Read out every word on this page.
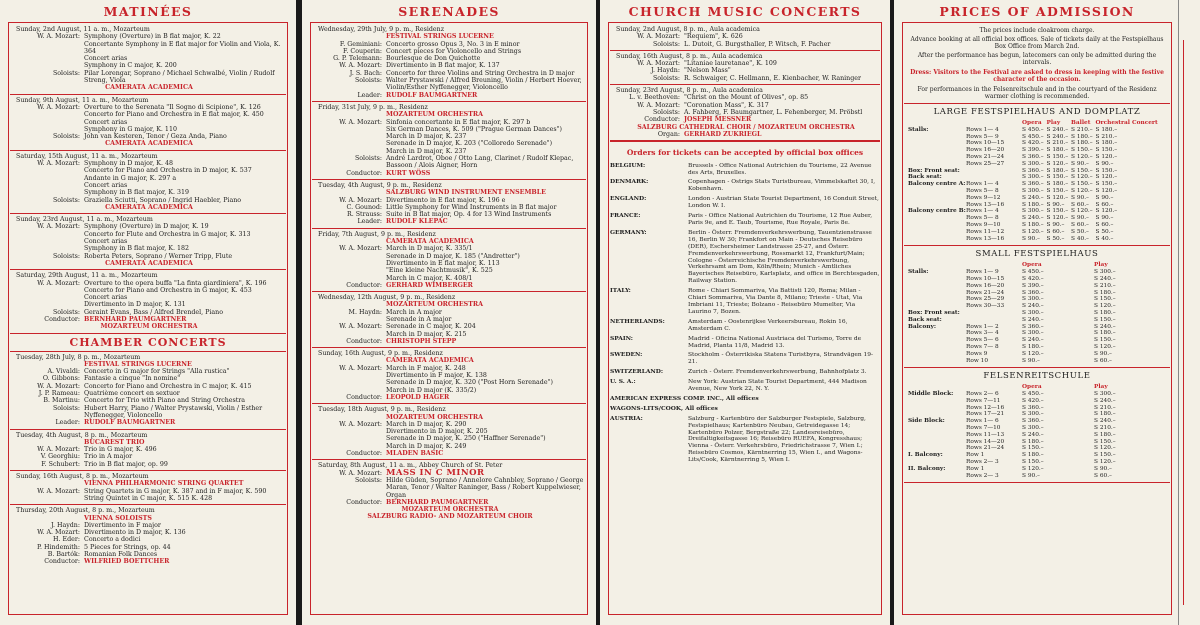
MATINÉES
Sunday, 2nd August, 11 a. m., Mozarteum
W. A. Mozart: Symphony (Overture) in B flat major, K. 22
Concertante Symphony in E flat major for Violin and Viola, K. 364
Concert arias
Symphony in C major, K. 200
Soloists: Pilar Lorengar, Soprano / Michael Schwalbé, Violin / Rudolf Streng, Viola
CAMERATA ACADEMICA
Sunday, 9th August, 11 a. m., Mozarteum
W. A. Mozart: Overture to the Serenata "Il Sogno di Scipione", K. 126
Concerto for Piano and Orchestra in E flat major, K. 450
Concert arias
Symphony in G major, K. 110
Soloists: John van Kesteren, Tenor / Geza Anda, Piano
CAMERATA ACADEMICA
Saturday, 15th August, 11 a. m., Mozarteum
W. A. Mozart: Symphony in D major, K. 48
Concerto for Piano and Orchestra in D major, K. 537
Andante in G major, K. 297 a
Concert arias
Symphony in B flat major, K. 319
Soloists: Graziella Sciutti, Soprano / Ingrid Haebler, Piano
CAMERATA ACADEMICA
Sunday, 23rd August, 11 a. m., Mozarteum
W. A. Mozart: Symphony (Overture) in D major, K. 19
Concerto for Flute and Orchestra in G major, K. 313
Concert arias
Symphony in B flat major, K. 182
Soloists: Roberta Peters, Soprano / Werner Tripp, Flute
CAMERATA ACADEMICA
Saturday, 29th August, 11 a. m., Mozarteum
W. A. Mozart: Overture to the opera buffa "La finta giardiniera", K. 196
Concerto for Piano and Orchestra in G major, K. 453
Concert arias
Divertimento in D major, K. 131
Soloists: Geraint Evans, Bass / Alfred Brendel, Piano
Conductor: BERNHARD PAUMGARTNER
MOZARTEUM ORCHESTRA
CHAMBER CONCERTS
Tuesday, 28th July, 8 p. m., Mozarteum
FESTIVAL STRINGS LUCERNE
A. Vivaldi: Concerto in G major for Strings "Alla rustica"
O. Gibbons: Fantasie a cinque "In nomine"
W. A. Mozart: Concerto for Piano and Orchestra in C major, K. 415
J. P. Rameau: Quatrième concert en sextuor
B. Martinu: Concerto for Trio with Piano and String Orchestra
Soloists: Hubert Harry, Piano / Walter Prystawski, Violin / Esther Nyffenegger, Violoncello
Leader: RUDOLF BAUMGARTNER
Tuesday, 4th August, 8 p. m., Mozarteum
BUCAREST TRIO
W. A. Mozart: Trio in G major, K. 496
V. Georghiu: Trio in A major
F. Schubert: Trio in B flat major, op. 99
Sunday, 16th August, 8 p. m., Mozarteum
VIENNA PHILHARMONIC STRING QUARTET
W. A. Mozart: String Quartets in G major, K. 387 and in F major, K. 590
String Quintet in C major, K. 515 K. 428
Thursday, 20th August, 8 p. m., Mozarteum
VIENNA SOLOISTS
J. Haydn: Divertimento in F major
W. A. Mozart: Divertimento in D major, K. 136
H. Eder: Concerto a dodici
P. Hindemith: 5 Pieces for Strings, op. 44
B. Bartók: Romanian Folk Dances
Conductor: WILFRIED BOETTCHER
SERENADES
Wednesday, 29th July, 9 p. m., Residenz
FESTIVAL STRINGS LUCERNE
F. Geminiani: Concerto grosso Opus 3, No. 3 in E minor
F. Couperin: Concert pieces for Violoncello and Strings
G. P. Telemann: Bourlesque de Don Quichotte
W. A. Mozart: Divertimento in B flat major, K. 137
J. S. Bach: Concerto for three Violins and String Orchestra in D major
Soloists: Walter Prystawski / Alfred Breuning, Violin / Herbert Hoever, Violin/Esther Nyffenegger, Violoncello
Leader: RUDOLF BAUMGARTNER
Friday, 31st July, 9 p. m., Residenz
MOZARTEUM ORCHESTRA
W. A. Mozart: Sinfonia concertante in E flat major, K. 297 b
Six German Dances, K. 509 ("Prague German Dances")
March in D major, K. 237
Serenade in D major, K. 203 ("Colloredo Serenade")
March in D major, K. 237
Soloists: André Lardrot, Oboe / Otto Lang, Clarinet / Rudolf Klepac, Bassoon / Alois Aigner, Horn
Conductor: KURT WÖSS
Tuesday, 4th August, 9 p. m., Residenz
SALZBURG WIND INSTRUMENT ENSEMBLE
W. A. Mozart: Divertimento in E flat major, K. 196 e
C. Gounod: Little Symphony for Wind Instruments in B flat major
R. Strauss: Suite in B flat major, Op. 4 for 13 Wind Instruments
Leader: RUDOLF KLEPAC
Friday, 7th August, 9 p. m., Residenz
CAMERATA ACADEMICA
W. A. Mozart: March in D major, K. 335/1
Serenade in D major, K. 185 ("Andretter")
Divertimento in E flat major, K. 113
"Eine kleine Nachtmusik", K. 525
March in C major, K. 408/1
Conductor: GERHARD WIMBERGER
Wednesday, 12th August, 9 p. m., Residenz
MOZARTEUM ORCHESTRA
M. Haydn: March in A major
Serenade in A major
W. A. Mozart: Serenade in C major, K. 204
March in D major, K. 215
Conductor: CHRISTOPH STEPP
Sunday, 16th August, 9 p. m., Residenz
CAMERATA ACADEMICA
W. A. Mozart: March in F major, K. 248
Divertimento in F major, K. 138
Serenade in D major, K. 320 ("Post Horn Serenade")
March in D major (K. 335/2)
Conductor: LEOPOLD HAGER
Tuesday, 18th August, 9 p. m., Residenz
MOZARTEUM ORCHESTRA
W. A. Mozart: March in D major, K. 290
Divertimento in D major, K. 205
Serenade in D major, K. 250 ("Haffner Serenade")
March in D major, K. 249
Conductor: MLADEN BASIC
Saturday, 8th August, 11 a. m., Abbey Church of St. Peter
W. A. Mozart: MASS IN C MINOR
Soloists: Hilde Güden, Soprano / Annelore Cahnbley, Soprano / George Maran, Tenor / Walter Raninger, Bass / Robert Kuppelwieser, Organ
Conductor: BERNHARD PAUMGARTNER
MOZARTEUM ORCHESTRA
SALZBURG RADIO- AND MOZARTEUM CHOIR
CHURCH MUSIC CONCERTS
Sunday, 2nd August, 8 p. m., Aula academica
W. A. Mozart: "Requiem", K. 626
Soloists: L. Dutoit, G. Burgsthaller, P. Witsch, F. Pacher
Sunday, 16th August, 8 p. m., Aula academica
W. A. Mozart: "Litaniae lauretanae", K. 109
J. Haydn: "Nelson Mass"
Soloists: R. Schwaiger, C. Hellmann, E. Kienbacher, W. Raninger
Sunday, 23rd August, 8 p. m., Aula academica
L. v. Beethoven: "Christ on the Mount of Olives", op. 85
W. A. Mozart: "Coronation Mass", K. 317
Soloists: A. Fahberg, F. Baumgartner, L. Fehenberger, M. Pröbstl
Conductor: JOSEPH MESSNER
SALZBURG CATHEDRAL CHOIR / MOZARTEUM ORCHESTRA
Organ: GERHARD ZUKRIEGL
Orders for tickets can be accepted by official box offices
BELGIUM:	Brussels - Office National Autrichien du Tourisme, 22 Avenue des Arts, Bruxelles.
DENMARK:	Copenhagen - Ostrigs Stats Turistbureau, Vimmelskaftet 30, I, Kobenhavn.
ENGLAND:	London - Austrian State Tourist Department, 16 Conduit Street, London W. I.
FRANCE:	Paris - Office National Autrichien du Tourisme, 12 Rue Auber, Paris 9e, and E. Taub, Tourisme, Rue Royale, Paris 8e.
GERMANY:	Berlin - Österr. Fremdenverkehrswerbung, Tauentzienstrasse 16, Berlin W 30; Frankfort on Main - Deutsches Reisebüro (DER), Eschersheimer Landstrasse 25-27, and Österr. Fremdenverkehrswerbung, Rossmarkt 12, Frankfurt/Main; Cologne - Österreichische Fremdenverkehrswerbung, Verkehrsamt am Dom, Köln/Rhein; Munich - Amtliches Bayerisches Reisebüro, Karlsplatz, and office in Berchtesgaden, Railway Station.
ITALY:	Rome - Chiari Sommariva, Via Battisti 120, Roma; Milan - Chiari Sommariva, Via Dante 8, Milano; Trieste - Utat, Via Imbriani 11, Trieste; Bolzano - Reisebüro Mumelter, Via Laurino 7, Bozen.
NETHERLANDS:	Amsterdam - Oostenrijkse Verkeersbureau, Rokin 16, Amsterdam C.
SPAIN:	Madrid - Oficina National Austriaca del Turismo, Torre de Madrid, Planta 11/8, Madrid 13.
SWEDEN:	Stockholm - Österrikiska Statens Turistbyra, Strandvägen 19-21.
SWITZERLAND:	Zurich - Österr. Fremdenverkehrswerbung, Bahnhofplatz 3.
U. S. A.:	New York: Austrian State Tourist Department, 444 Madison Avenue, New York 22, N. Y.
AMERICAN EXPRESS COMP. INC., All offices
WAGONS-LITS/COOK, All offices
AUSTRIA:	Salzburg - Kartenbüro der Salzburger Festspiele, Salzburg, Festspielhaus; Kartenbüro Neubau, Getreidegasse 14; Kartenbüro Polzer, Bergstraße 22; Landesreisebüro, Dreifaltigkeitsgasse 16; Reisebüro RUEFA, Kongresshaus; Vienna - Österr. Verkehrsbüro, Friedrichstrasse 7, Wien I.; Reisebüro Cosmos, Kärntnerring 15, Wien I., and Wagons-Lits/Cook, Kärntnerring 5, Wien I.
PRICES OF ADMISSION
The prices include cloakroom charge.
Advance booking at all official box offices. Sale of tickets daily at the Festspielhaus Box Office from March 2nd.
After the performance has begun, latecomers can only be admitted during the intervals.
Dress: Visitors to the Festival are asked to dress in keeping with the festive character of the occasion.
For performances in the Felsenreitschule and in the courtyard of the Residenz warmer clothing is recommended.
LARGE FESTSPIELHAUS AND DOMPLATZ
		Opera	Play	Ballet	Orchestral Concert
Stalls:	Rows 1— 4	S 450.–	S 240.–	S 210.–	S 180.–
	Rows 5— 9	S 450.–	S 240.–	S 180.–	S 210.–
	Rows 10—15	S 420.–	S 210.–	S 180.–	S 180.–
	Rows 16—20	S 390.–	S 180.–	S 150.–	S 150.–
	Rows 21—24	S 360.–	S 150.–	S 120.–	S 120.–
	Rows 25—27	S 300.–	S 120.–	S 90.–	S 90.–
Box: Front seat:		S 360.–	S 180.–	S 150.–	S 150.–
Back seat:		S 300.–	S 150.–	S 120.–	S 120.–
Balcony centre A:	Rows 1— 4	S 360.–	S 180.–	S 150.–	S 150.–
	Rows 5— 8	S 300.–	S 150.–	S 120.–	S 120.–
	Rows 9—12	S 240.–	S 120.–	S 90.–	S 90.–
	Rows 13—16	S 180.–	S 90.–	S 60.–	S 60.–
Balcony centre B:	Rows 1— 4	S 300.–	S 150.–	S 120.–	S 120.–
	Rows 5— 8	S 240.–	S 120.–	S 90.–	S 90.–
	Rows 9—10	S 180.–	S 90.–	S 60.–	S 60.–
	Rows 11—12	S 120.–	S 60.–	S 50.–	S 50.–
	Rows 13—16	S 90.–	S 50.–	S 40.–	S 40.–
SMALL FESTSPIELHAUS
		Opera	Play
Stalls:	Rows 1— 9	S 450.–	S 300.–
	Rows 10—15	S 420.–	S 240.–
	Rows 16—20	S 390.–	S 210.–
	Rows 21—24	S 360.–	S 180.–
	Rows 25—29	S 300.–	S 150.–
	Rows 30—33	S 240.–	S 120.–
Box: Front seat:		S 300.–	S 180.–
Back seat:		S 240.–	S 150.–
Balcony:	Rows 1— 2	S 360.–	S 240.–
	Rows 3— 4	S 300.–	S 180.–
	Rows 5— 6	S 240.–	S 150.–
	Rows 7— 8	S 180.–	S 120.–
	Rows 9	S 120.–	S 90.–
	Row 10	S 90.–	S 60.–
FELSENREITSCHULE
		Opera	Play
Middle Block:	Rows 2— 6	S 450.–	S 300.–
	Rows 7—11	S 420.–	S 240.–
	Rows 12—16	S 360.–	S 210.–
	Rows 17—21	S 300.–	S 180.–
Side Block:	Rows 1— 6	S 360.–	S 240.–
	Rows 7—10	S 300.–	S 210.–
	Rows 11—13	S 240.–	S 180.–
	Rows 14—20	S 180.–	S 150.–
	Rows 21—24	S 150.–	S 120.–
I. Balcony:	Row 1	S 180.–	S 150.–
	Rows 2— 3	S 150.–	S 120.–
II. Balcony:	Row 1	S 120.–	S 90.–
	Rows 2— 3	S 90.–	S 60.–
